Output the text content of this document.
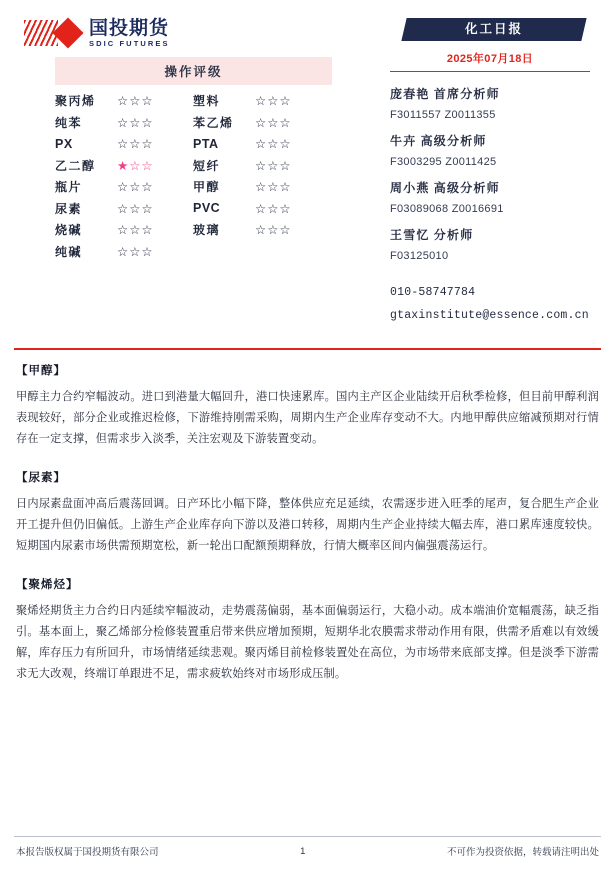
国投期货
SDIC FUTURES
操作评级
聚丙烯	☆☆☆	塑料	☆☆☆
纯苯	☆☆☆	苯乙烯	☆☆☆
PX	☆☆☆	PTA	☆☆☆
乙二醇	★☆☆	短纤	☆☆☆
瓶片	☆☆☆	甲醇	☆☆☆
尿素	☆☆☆	PVC	☆☆☆
烧碱	☆☆☆	玻璃	☆☆☆
纯碱	☆☆☆
化工日报
2025年07月18日
庞春艳 首席分析师
F3011557 Z0011355
牛卉 高级分析师
F3003295 Z0011425
周小燕 高级分析师
F03089068 Z0016691
王雪忆 分析师
F03125010
010-58747784
gtaxinstitute@essence.com.cn
【甲醇】
甲醇主力合约窄幅波动。进口到港量大幅回升，港口快速累库。国内主产区企业陆续开启秋季检修，但目前甲醇利润表现较好，部分企业或推迟检修，下游维持刚需采购，周期内生产企业库存变动不大。内地甲醇供应缩减预期对行情存在一定支撑，但需求步入淡季，关注宏观及下游装置变动。
【尿素】
日内尿素盘面冲高后震荡回调。日产环比小幅下降，整体供应充足延续，农需逐步进入旺季的尾声，复合肥生产企业开工提升但仍旧偏低。上游生产企业库存向下游以及港口转移，周期内生产企业持续大幅去库，港口累库速度较快。短期国内尿素市场供需预期宽松，新一轮出口配额预期释放，行情大概率区间内偏强震荡运行。
【聚烯烃】
聚烯烃期货主力合约日内延续窄幅波动，走势震荡偏弱，基本面偏弱运行，大稳小动。成本端油价宽幅震荡，缺乏指引。基本面上，聚乙烯部分检修装置重启带来供应增加预期，短期华北农膜需求带动作用有限，供需矛盾难以有效缓解，库存压力有所回升，市场情绪延续悲观。聚丙烯目前检修装置处在高位，为市场带来底部支撑。但是淡季下游需求无大改观，终端订单跟进不足，需求疲软始终对市场形成压制。
本报告版权属于国投期货有限公司	1	不可作为投资依据，转载请注明出处
